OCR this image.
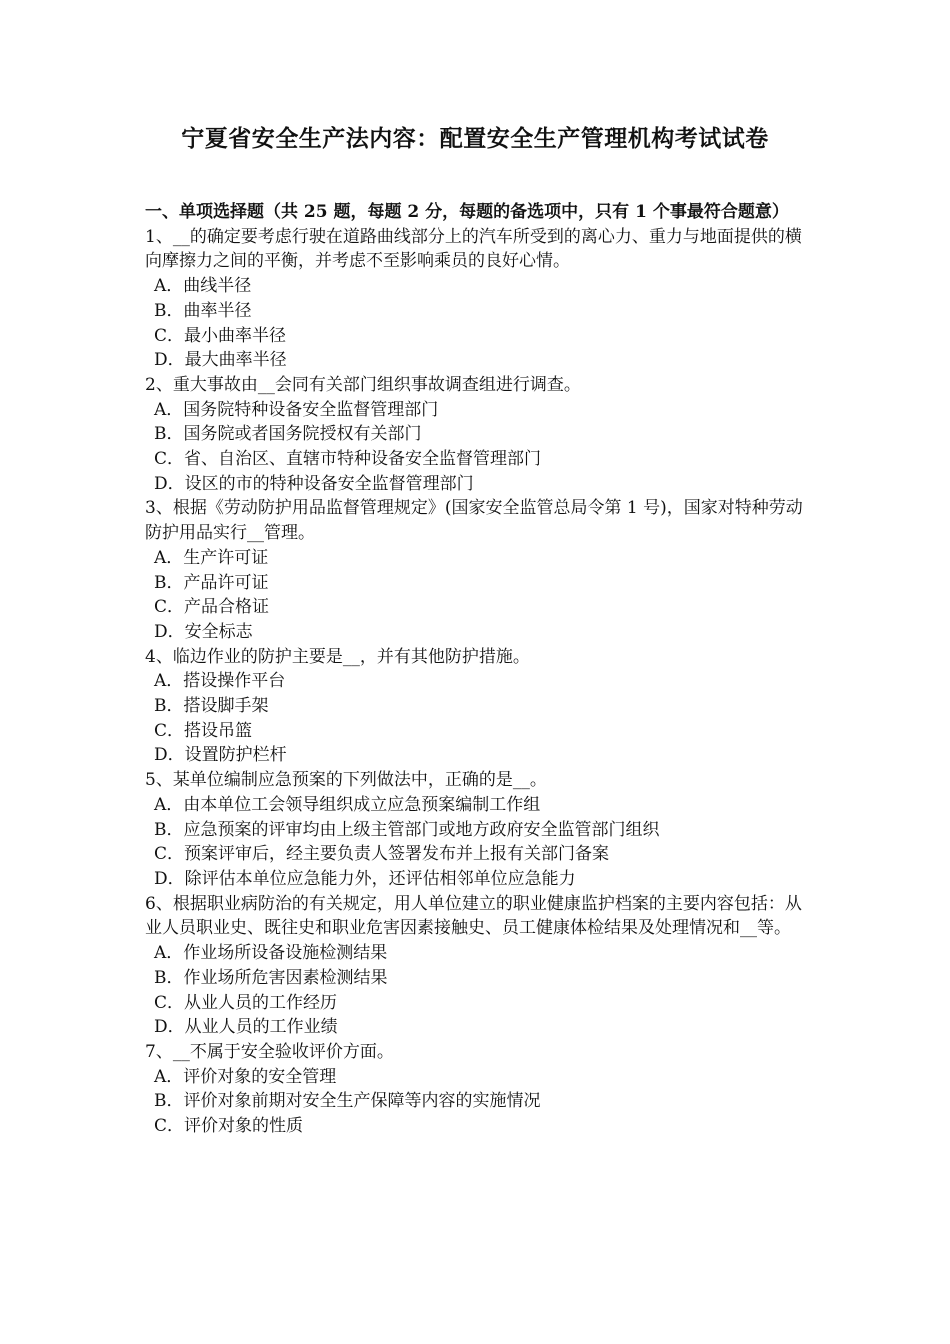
宁夏省安全生产法内容：配置安全生产管理机构考试试卷

一、单项选择题（共 25 题，每题 2 分，每题的备选项中，只有 1 个事最符合题意）

1、__的确定要考虑行驶在道路曲线部分上的汽车所受到的离心力、重力与地面提供的横向摩擦力之间的平衡，并考虑不至影响乘员的良好心情。

A．曲线半径

B．曲率半径

C．最小曲率半径

D．最大曲率半径

2、重大事故由__会同有关部门组织事故调查组进行调查。

A．国务院特种设备安全监督管理部门

B．国务院或者国务院授权有关部门

C．省、自治区、直辖市特种设备安全监督管理部门

D．设区的市的特种设备安全监督管理部门

3、根据《劳动防护用品监督管理规定》(国家安全监管总局令第 1 号)，国家对特种劳动防护用品实行__管理。

A．生产许可证

B．产品许可证

C．产品合格证

D．安全标志

4、临边作业的防护主要是__，并有其他防护措施。

A．搭设操作平台

B．搭设脚手架

C．搭设吊篮

D．设置防护栏杆

5、某单位编制应急预案的下列做法中，正确的是__。

A．由本单位工会领导组织成立应急预案编制工作组

B．应急预案的评审均由上级主管部门或地方政府安全监管部门组织

C．预案评审后，经主要负责人签署发布并上报有关部门备案

D．除评估本单位应急能力外，还评估相邻单位应急能力

6、根据职业病防治的有关规定，用人单位建立的职业健康监护档案的主要内容包括：从业人员职业史、既往史和职业危害因素接触史、员工健康体检结果及处理情况和__等。

A．作业场所设备设施检测结果

B．作业场所危害因素检测结果

C．从业人员的工作经历

D．从业人员的工作业绩

7、__不属于安全验收评价方面。

A．评价对象的安全管理

B．评价对象前期对安全生产保障等内容的实施情况

C．评价对象的性质
